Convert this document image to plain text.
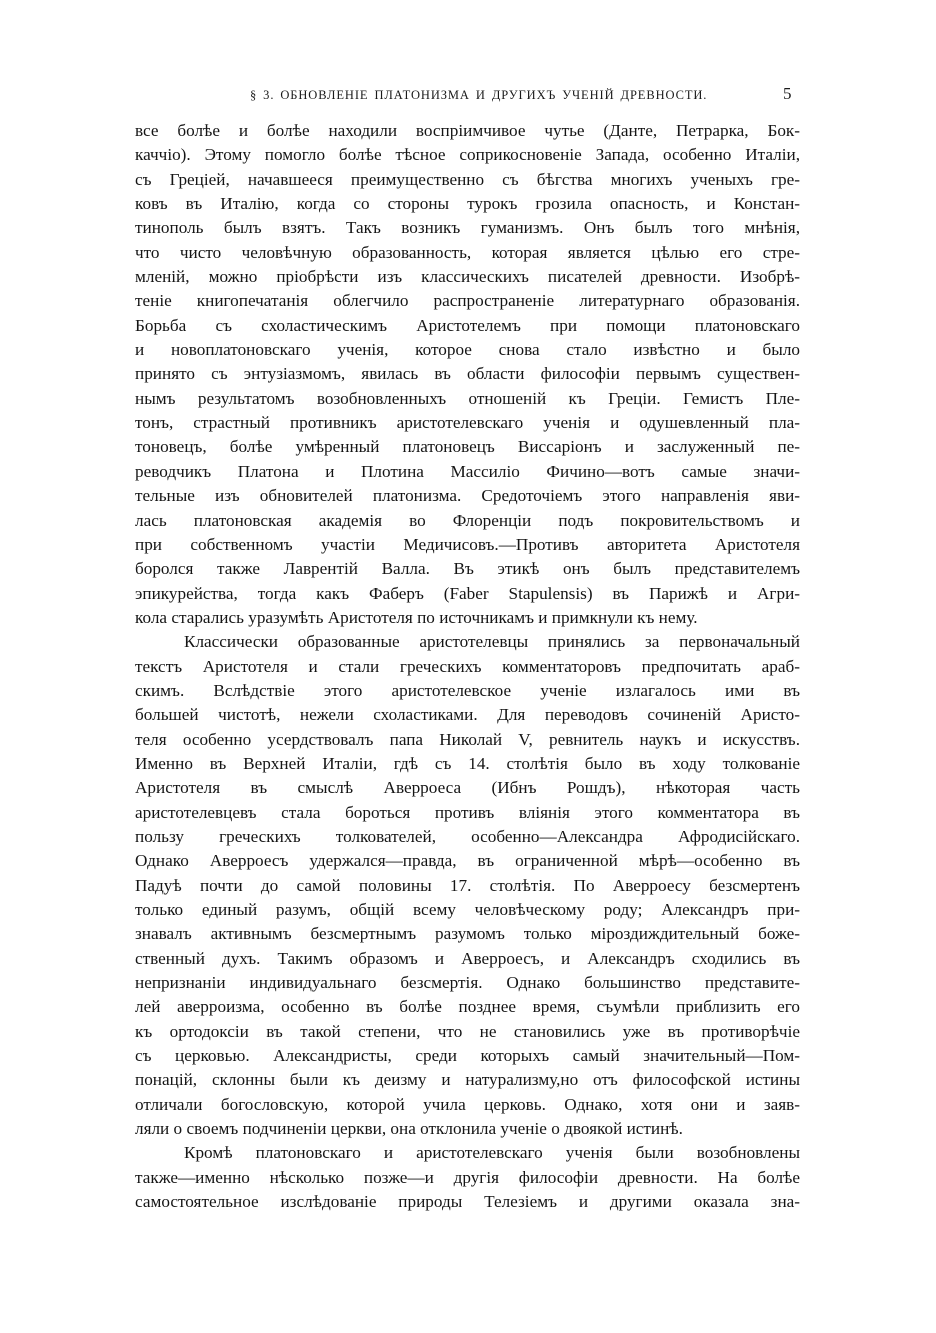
§ 3. ОБНОВЛЕНІЕ ПЛАТОНИЗМА И ДРУГИХЪ УЧЕНІЙ ДРЕВНОСТИ.	5
все болѣе и болѣе находили воспріимчивое чутье (Данте, Петрарка, Бок-
каччіо). Этому помогло болѣе тѣсное соприкосновеніе Запада, особенно Италіи,
съ Греціей, начавшееся преимущественно съ бѣгства многихъ ученыхъ гре-
ковъ въ Италію, когда со стороны турокъ грозила опасность, и Констан-
тинополь былъ взятъ. Такъ возникъ гуманизмъ. Онъ былъ того мнѣнія,
что чисто человѣчную образованность, которая является цѣлью его стре-
мленій, можно пріобрѣсти изъ классическихъ писателей древности. Изобрѣ-
теніе книгопечатанія облегчило распространеніе литературнаго образованія.
Борьба съ схоластическимъ Аристотелемъ при помощи платоновскаго
и новоплатоновскаго ученія, которое снова стало извѣстно и было
принято съ энтузіазмомъ, явилась въ области философіи первымъ существен-
нымъ результатомъ возобновленныхъ отношеній къ Греціи. Гемистъ Пле-
тонъ, страстный противникъ аристотелевскаго ученія и одушевленный пла-
тоновецъ, болѣе умѣренный платоновецъ Виссаріонъ и заслуженный пе-
реводчикъ Платона и Плотина Массиліо Фичино—вотъ самые значи-
тельные изъ обновителей платонизма. Средоточіемъ этого направленія яви-
лась платоновская академія во Флоренціи подъ покровительствомъ и
при собственномъ участіи Медичисовъ.—Противъ авторитета Аристотеля
боролся также Лаврентій Валла. Въ этикѣ онъ былъ представителемъ
эпикурейства, тогда какъ Фаберъ (Faber Stapulensis) въ Парижѣ и Агри-
кола старались уразумѣть Аристотеля по источникамъ и примкнули къ нему.
Классически образованные аристотелевцы принялись за первоначальный
текстъ Аристотеля и стали греческихъ комментаторовъ предпочитать араб-
скимъ. Вслѣдствіе этого аристотелевское ученіе излагалось ими въ
большей чистотѣ, нежели схоластиками. Для переводовъ сочиненій Аристо-
теля особенно усердствовалъ папа Николай V, ревнитель наукъ и искусствъ.
Именно въ Верхней Италіи, гдѣ съ 14. столѣтія было въ ходу толкованіе
Аристотеля въ смыслѣ Аверроеса (Ибнъ Рошдъ), нѣкоторая часть
аристотелевцевъ стала бороться противъ вліянія этого комментатора въ
пользу греческихъ толкователей, особенно—Александра Афродисійскаго.
Однако Аверроесъ удержался—правда, въ ограниченной мѣрѣ—особенно въ
Падуѣ почти до самой половины 17. столѣтія. По Аверроесу безсмертенъ
только единый разумъ, общій всему человѣческому роду; Александръ при-
знавалъ активнымъ безсмертнымъ разумомъ только міроздиждительный боже-
ственный духъ. Такимъ образомъ и Аверроесъ, и Александръ сходились въ
непризнаніи индивидуальнаго безсмертія. Однако большинство представите-
лей аверроизма, особенно въ болѣе позднее время, съумѣли приблизить его
къ ортодоксіи въ такой степени, что не становились уже въ противорѣчіе
съ церковью. Александристы, среди которыхъ самый значительный—Пом-
понацій, склонны были къ деизму и натурализму,но отъ философской истины
отличали богословскую, которой учила церковь. Однако, хотя они и заяв-
ляли о своемъ подчиненіи церкви, она отклонила ученіе о двоякой истинѣ.
Кромѣ платоновскаго и аристотелевскаго ученія были возобновлены
также—именно нѣсколько позже—и другія философіи древности. На болѣе
самостоятельное изслѣдованіе природы Телезіемъ и другими оказала зна-
